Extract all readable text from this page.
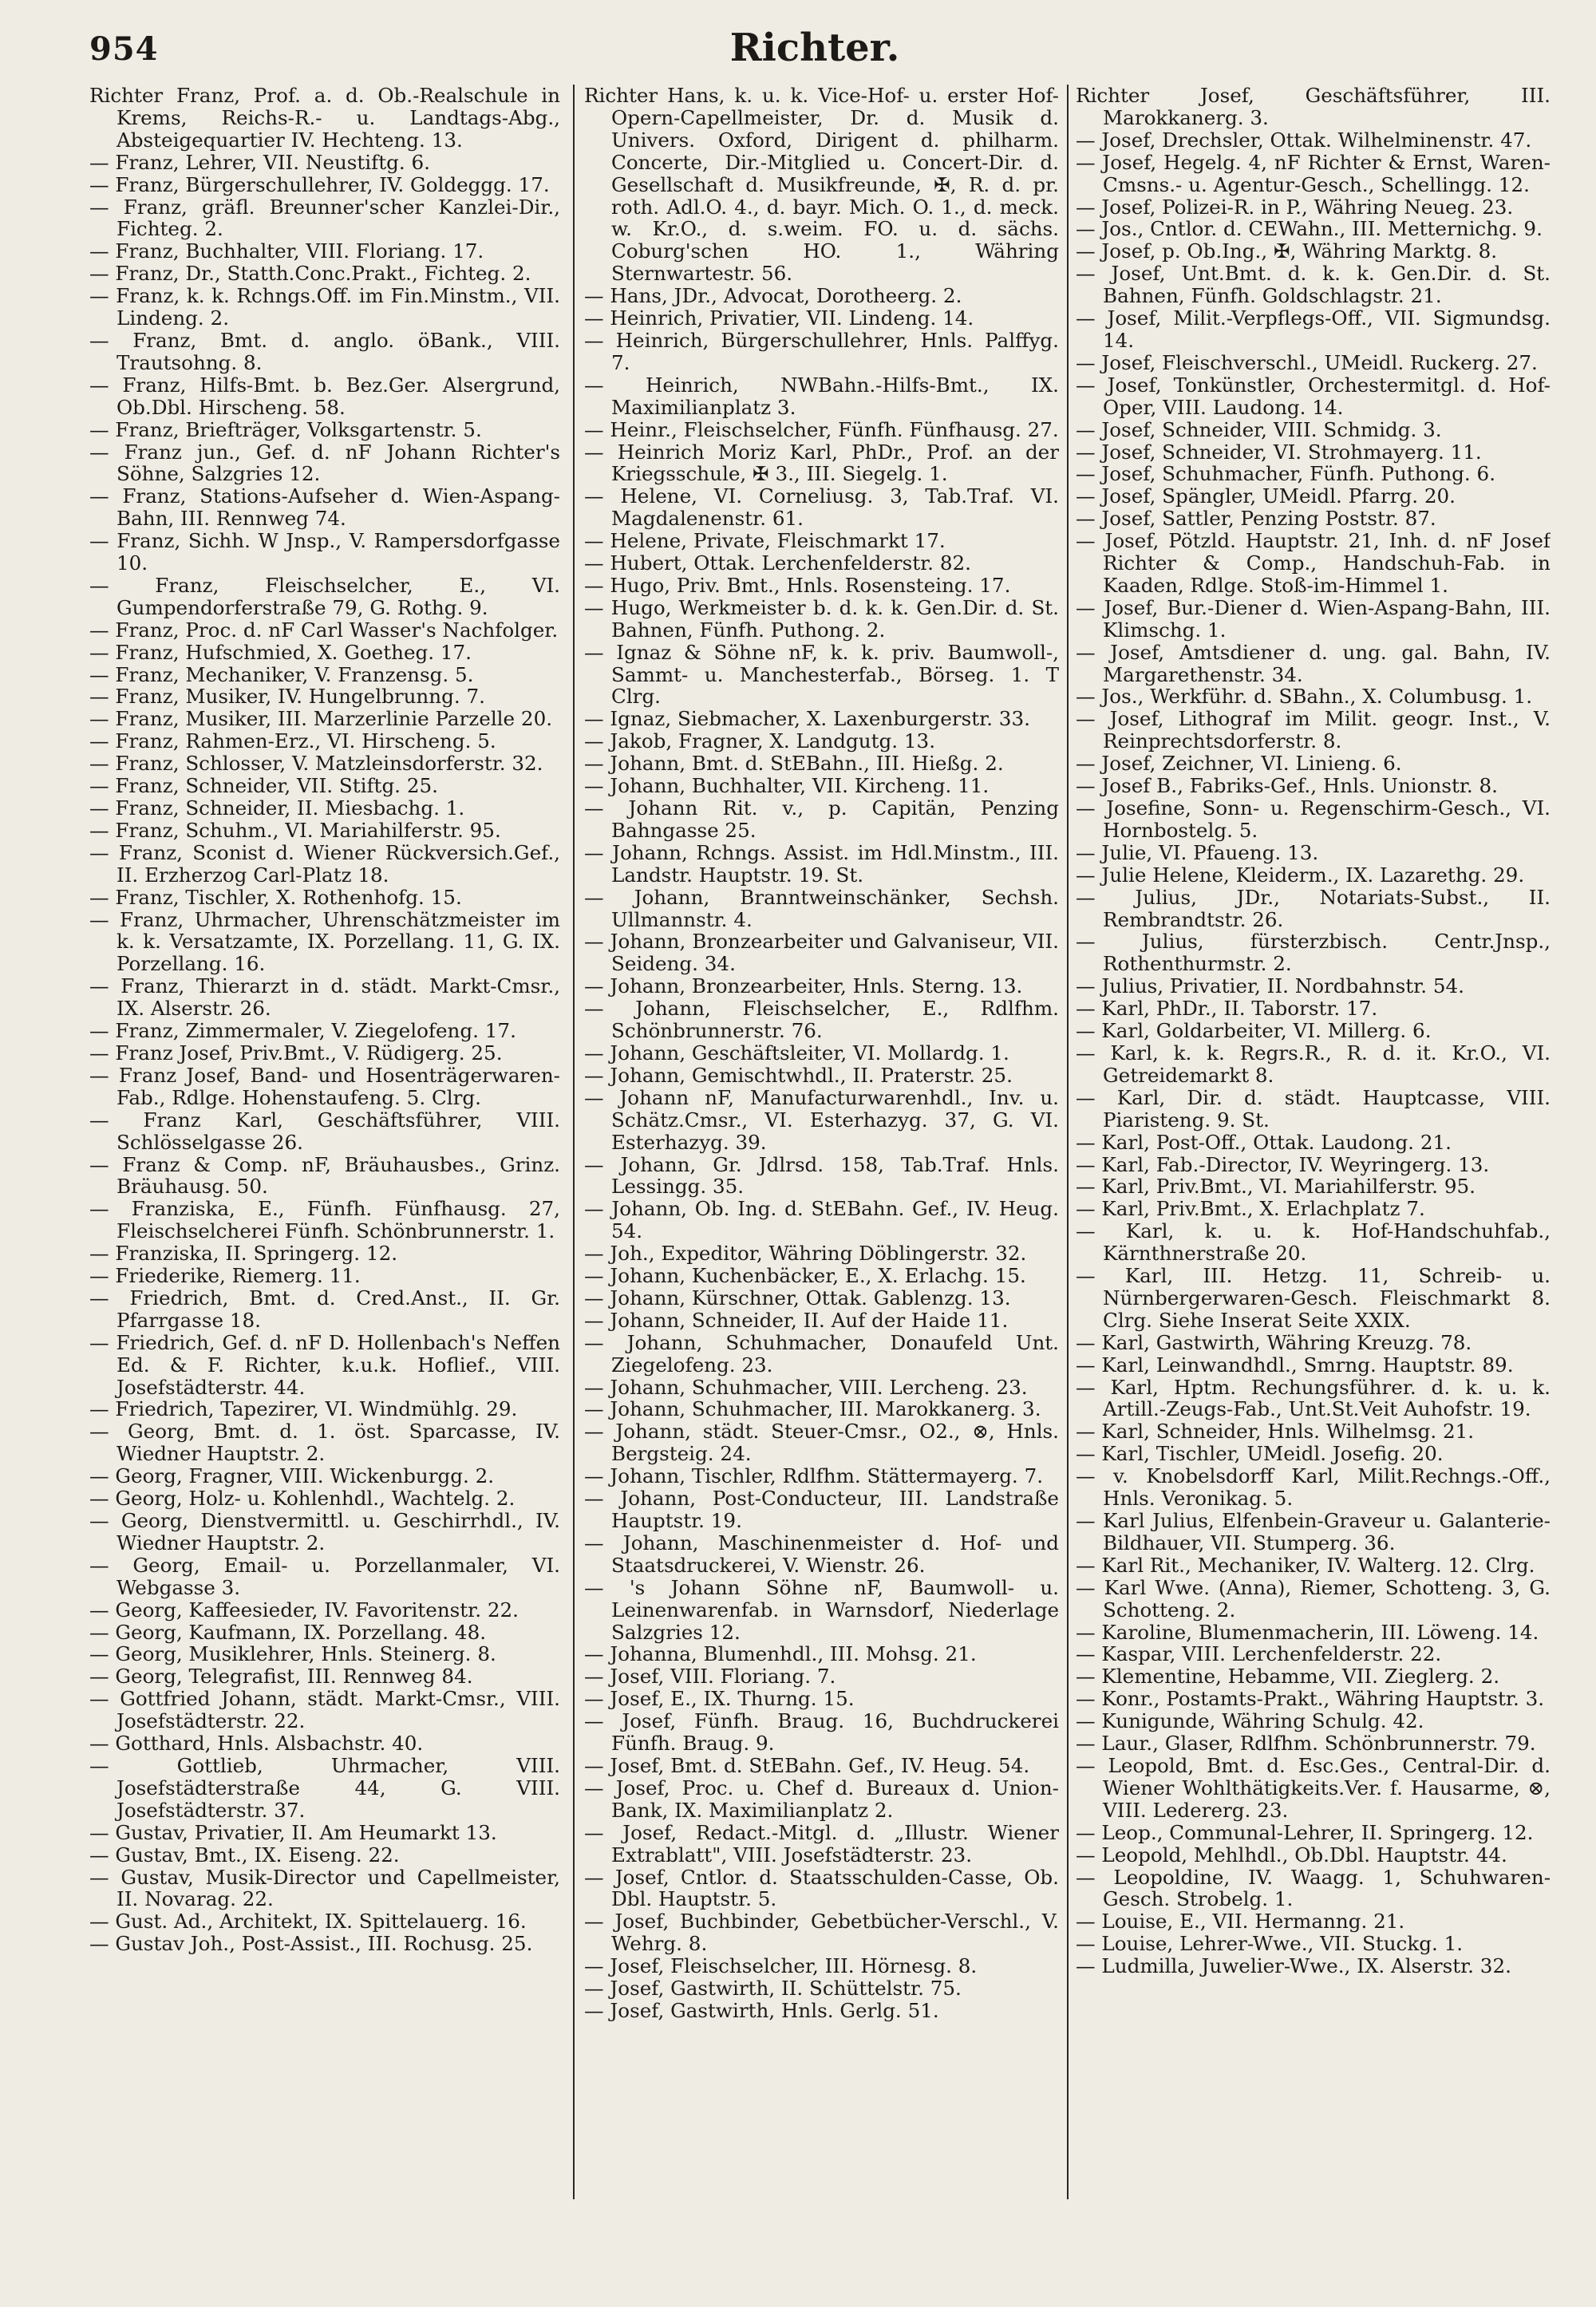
954	Richter.

Richter Franz, Prof. a. d. Ob.-Realschule in Krems, Reichs-R.- u. Landtags-Abg., Absteigequartier IV. Hechteng. 13.

— Franz, Lehrer, VII. Neustiftg. 6.

— Franz, Bürgerschullehrer, IV. Goldeggg. 17.

— Franz, gräfl. Breunner'scher Kanzlei-Dir., Fichteg. 2.

— Franz, Buchhalter, VIII. Floriang. 17.

— Franz, Dr., Statth.Conc.Prakt., Fichteg. 2.

— Franz, k. k. Rchngs.Off. im Fin.Minstm., VII. Lindeng. 2.

— Franz, Bmt. d. anglo. öBank., VIII. Trautsohng. 8.

— Franz, Hilfs-Bmt. b. Bez.Ger. Alsergrund, Ob.Dbl. Hirscheng. 58.

— Franz, Briefträger, Volksgartenstr. 5.

— Franz jun., Gef. d. nF Johann Richter's Söhne, Salzgries 12.

— Franz, Stations-Aufseher d. Wien-Aspang-Bahn, III. Rennweg 74.

— Franz, Sichh. W Jnsp., V. Rampersdorfgasse 10.

— Franz, Fleischselcher, E., VI. Gumpendorferstraße 79, G. Rothg. 9.

— Franz, Proc. d. nF Carl Wasser's Nachfolger.

— Franz, Hufschmied, X. Goetheg. 17.

— Franz, Mechaniker, V. Franzensg. 5.

— Franz, Musiker, IV. Hungelbrunng. 7.

— Franz, Musiker, III. Marzerlinie Parzelle 20.

— Franz, Rahmen-Erz., VI. Hirscheng. 5.

— Franz, Schlosser, V. Matzleinsdorferstr. 32.

— Franz, Schneider, VII. Stiftg. 25.

— Franz, Schneider, II. Miesbachg. 1.

— Franz, Schuhm., VI. Mariahilferstr. 95.

— Franz, Sconist d. Wiener Rückversich.Gef., II. Erzherzog Carl-Platz 18.

— Franz, Tischler, X. Rothenhofg. 15.

— Franz, Uhrmacher, Uhrenschätzmeister im k. k. Versatzamte, IX. Porzellang. 11, G. IX. Porzellang. 16.

— Franz, Thierarzt in d. städt. Markt-Cmsr., IX. Alserstr. 26.

— Franz, Zimmermaler, V. Ziegelofeng. 17.

— Franz Josef, Priv.Bmt., V. Rüdigerg. 25.

— Franz Josef, Band- und Hosenträgerwaren-Fab., Rdlge. Hohenstaufeng. 5. Clrg.

— Franz Karl, Geschäftsführer, VIII. Schlösselgasse 26.

— Franz & Comp. nF, Bräuhausbes., Grinz. Bräuhausg. 50.

— Franziska, E., Fünfh. Fünfhausg. 27, Fleischselcherei Fünfh. Schönbrunnerstr. 1.

— Franziska, II. Springerg. 12.

— Friederike, Riemerg. 11.

— Friedrich, Bmt. d. Cred.Anst., II. Gr. Pfarrgasse 18.

— Friedrich, Gef. d. nF D. Hollenbach's Neffen Ed. & F. Richter, k.u.k. Hoflief., VIII. Josefstädterstr. 44.

— Friedrich, Tapezirer, VI. Windmühlg. 29.

— Georg, Bmt. d. 1. öst. Sparcasse, IV. Wiedner Hauptstr. 2.

— Georg, Fragner, VIII. Wickenburgg. 2.

— Georg, Holz- u. Kohlenhdl., Wachtelg. 2.

— Georg, Dienstvermittl. u. Geschirrhdl., IV. Wiedner Hauptstr. 2.

— Georg, Email- u. Porzellanmaler, VI. Webgasse 3.

— Georg, Kaffeesieder, IV. Favoritenstr. 22.

— Georg, Kaufmann, IX. Porzellang. 48.

— Georg, Musiklehrer, Hnls. Steinerg. 8.

— Georg, Telegrafist, III. Rennweg 84.

— Gottfried Johann, städt. Markt-Cmsr., VIII. Josefstädterstr. 22.

— Gotthard, Hnls. Alsbachstr. 40.

— Gottlieb, Uhrmacher, VIII. Josefstädterstraße 44, G. VIII. Josefstädterstr. 37.

— Gustav, Privatier, II. Am Heumarkt 13.

— Gustav, Bmt., IX. Eiseng. 22.

— Gustav, Musik-Director und Capellmeister, II. Novarag. 22.

— Gust. Ad., Architekt, IX. Spittelauerg. 16.

— Gustav Joh., Post-Assist., III. Rochusg. 25.

Richter Hans, k. u. k. Vice-Hof- u. erster Hof-Opern-Capellmeister, Dr. d. Musik d. Univers. Oxford, Dirigent d. philharm. Concerte, Dir.-Mitglied u. Concert-Dir. d. Gesellschaft d. Musikfreunde, ✠, R. d. pr. roth. Adl.O. 4., d. bayr. Mich. O. 1., d. meck. w. Kr.O., d. s.weim. FO. u. d. sächs. Coburg'schen HO. 1., Währing Sternwartestr. 56.

— Hans, JDr., Advocat, Dorotheerg. 2.

— Heinrich, Privatier, VII. Lindeng. 14.

— Heinrich, Bürgerschullehrer, Hnls. Palffyg. 7.

— Heinrich, NWBahn.-Hilfs-Bmt., IX. Maximilianplatz 3.

— Heinr., Fleischselcher, Fünfh. Fünfhausg. 27.

— Heinrich Moriz Karl, PhDr., Prof. an der Kriegsschule, ✠ 3., III. Siegelg. 1.

— Helene, VI. Corneliusg. 3, Tab.Traf. VI. Magdalenenstr. 61.

— Helene, Private, Fleischmarkt 17.

— Hubert, Ottak. Lerchenfelderstr. 82.

— Hugo, Priv. Bmt., Hnls. Rosensteing. 17.

— Hugo, Werkmeister b. d. k. k. Gen.Dir. d. St. Bahnen, Fünfh. Puthong. 2.

— Ignaz & Söhne nF, k. k. priv. Baumwoll-, Sammt- u. Manchesterfab., Börseg. 1. T Clrg.

— Ignaz, Siebmacher, X. Laxenburgerstr. 33.

— Jakob, Fragner, X. Landgutg. 13.

— Johann, Bmt. d. StEBahn., III. Hießg. 2.

— Johann, Buchhalter, VII. Kircheng. 11.

— Johann Rit. v., p. Capitän, Penzing Bahngasse 25.

— Johann, Rchngs. Assist. im Hdl.Minstm., III. Landstr. Hauptstr. 19. St.

— Johann, Branntweinschänker, Sechsh. Ullmannstr. 4.

— Johann, Bronzearbeiter und Galvaniseur, VII. Seideng. 34.

— Johann, Bronzearbeiter, Hnls. Sterng. 13.

— Johann, Fleischselcher, E., Rdlfhm. Schönbrunnerstr. 76.

— Johann, Geschäftsleiter, VI. Mollardg. 1.

— Johann, Gemischtwhdl., II. Praterstr. 25.

— Johann nF, Manufacturwarenhdl., Inv. u. Schätz.Cmsr., VI. Esterhazyg. 37, G. VI. Esterhazyg. 39.

— Johann, Gr. Jdlrsd. 158, Tab.Traf. Hnls. Lessingg. 35.

— Johann, Ob. Ing. d. StEBahn. Gef., IV. Heug. 54.

— Joh., Expeditor, Währing Döblingerstr. 32.

— Johann, Kuchenbäcker, E., X. Erlachg. 15.

— Johann, Kürschner, Ottak. Gablenzg. 13.

— Johann, Schneider, II. Auf der Haide 11.

— Johann, Schuhmacher, Donaufeld Unt. Ziegelofeng. 23.

— Johann, Schuhmacher, VIII. Lercheng. 23.

— Johann, Schuhmacher, III. Marokkanerg. 3.

— Johann, städt. Steuer-Cmsr., O2., ⊗, Hnls. Bergsteig. 24.

— Johann, Tischler, Rdlfhm. Stättermayerg. 7.

— Johann, Post-Conducteur, III. Landstraße Hauptstr. 19.

— Johann, Maschinenmeister d. Hof- und Staatsdruckerei, V. Wienstr. 26.

— 's Johann Söhne nF, Baumwoll- u. Leinenwarenfab. in Warnsdorf, Niederlage Salzgries 12.

— Johanna, Blumenhdl., III. Mohsg. 21.

— Josef, VIII. Floriang. 7.

— Josef, E., IX. Thurng. 15.

— Josef, Fünfh. Braug. 16, Buchdruckerei Fünfh. Braug. 9.

— Josef, Bmt. d. StEBahn. Gef., IV. Heug. 54.

— Josef, Proc. u. Chef d. Bureaux d. Union-Bank, IX. Maximilianplatz 2.

— Josef, Redact.-Mitgl. d. „Illustr. Wiener Extrablatt", VIII. Josefstädterstr. 23.

— Josef, Cntlor. d. Staatsschulden-Casse, Ob. Dbl. Hauptstr. 5.

— Josef, Buchbinder, Gebetbücher-Verschl., V. Wehrg. 8.

— Josef, Fleischselcher, III. Hörnesg. 8.

— Josef, Gastwirth, II. Schüttelstr. 75.

— Josef, Gastwirth, Hnls. Gerlg. 51.

Richter Josef, Geschäftsführer, III. Marokkanerg. 3.

— Josef, Drechsler, Ottak. Wilhelminenstr. 47.

— Josef, Hegelg. 4, nF Richter & Ernst, Waren-Cmsns.- u. Agentur-Gesch., Schellingg. 12.

— Josef, Polizei-R. in P., Währing Neueg. 23.

— Jos., Cntlor. d. CEWahn., III. Metternichg. 9.

— Josef, p. Ob.Ing., ✠, Währing Marktg. 8.

— Josef, Unt.Bmt. d. k. k. Gen.Dir. d. St. Bahnen, Fünfh. Goldschlagstr. 21.

— Josef, Milit.-Verpflegs-Off., VII. Sigmundsg. 14.

— Josef, Fleischverschl., UMeidl. Ruckerg. 27.

— Josef, Tonkünstler, Orchestermitgl. d. Hof-Oper, VIII. Laudong. 14.

— Josef, Schneider, VIII. Schmidg. 3.

— Josef, Schneider, VI. Strohmayerg. 11.

— Josef, Schuhmacher, Fünfh. Puthong. 6.

— Josef, Spängler, UMeidl. Pfarrg. 20.

— Josef, Sattler, Penzing Poststr. 87.

— Josef, Pötzld. Hauptstr. 21, Inh. d. nF Josef Richter & Comp., Handschuh-Fab. in Kaaden, Rdlge. Stoß-im-Himmel 1.

— Josef, Bur.-Diener d. Wien-Aspang-Bahn, III. Klimschg. 1.

— Josef, Amtsdiener d. ung. gal. Bahn, IV. Margarethenstr. 34.

— Jos., Werkführ. d. SBahn., X. Columbusg. 1.

— Josef, Lithograf im Milit. geogr. Inst., V. Reinprechtsdorferstr. 8.

— Josef, Zeichner, VI. Linieng. 6.

— Josef B., Fabriks-Gef., Hnls. Unionstr. 8.

— Josefine, Sonn- u. Regenschirm-Gesch., VI. Hornbostelg. 5.

— Julie, VI. Pfaueng. 13.

— Julie Helene, Kleiderm., IX. Lazarethg. 29.

— Julius, JDr., Notariats-Subst., II. Rembrandtstr. 26.

— Julius, fürsterzbisch. Centr.Jnsp., Rothenthurmstr. 2.

— Julius, Privatier, II. Nordbahnstr. 54.

— Karl, PhDr., II. Taborstr. 17.

— Karl, Goldarbeiter, VI. Millerg. 6.

— Karl, k. k. Regrs.R., R. d. it. Kr.O., VI. Getreidemarkt 8.

— Karl, Dir. d. städt. Hauptcasse, VIII. Piaristeng. 9. St.

— Karl, Post-Off., Ottak. Laudong. 21.

— Karl, Fab.-Director, IV. Weyringerg. 13.

— Karl, Priv.Bmt., VI. Mariahilferstr. 95.

— Karl, Priv.Bmt., X. Erlachplatz 7.

— Karl, k. u. k. Hof-Handschuhfab., Kärnthnerstraße 20.

— Karl, III. Hetzg. 11, Schreib- u. Nürnbergerwaren-Gesch. Fleischmarkt 8. Clrg. Siehe Inserat Seite XXIX.

— Karl, Gastwirth, Währing Kreuzg. 78.

— Karl, Leinwandhdl., Smrng. Hauptstr. 89.

— Karl, Hptm. Rechungsführer. d. k. u. k. Artill.-Zeugs-Fab., Unt.St.Veit Auhofstr. 19.

— Karl, Schneider, Hnls. Wilhelmsg. 21.

— Karl, Tischler, UMeidl. Josefig. 20.

— v. Knobelsdorff Karl, Milit.Rechngs.-Off., Hnls. Veronikag. 5.

— Karl Julius, Elfenbein-Graveur u. Galanterie-Bildhauer, VII. Stumperg. 36.

— Karl Rit., Mechaniker, IV. Walterg. 12. Clrg.

— Karl Wwe. (Anna), Riemer, Schotteng. 3, G. Schotteng. 2.

— Karoline, Blumenmacherin, III. Löweng. 14.

— Kaspar, VIII. Lerchenfelderstr. 22.

— Klementine, Hebamme, VII. Zieglerg. 2.

— Konr., Postamts-Prakt., Währing Hauptstr. 3.

— Kunigunde, Währing Schulg. 42.

— Laur., Glaser, Rdlfhm. Schönbrunnerstr. 79.

— Leopold, Bmt. d. Esc.Ges., Central-Dir. d. Wiener Wohlthätigkeits.Ver. f. Hausarme, ⊗, VIII. Ledererg. 23.

— Leop., Communal-Lehrer, II. Springerg. 12.

— Leopold, Mehlhdl., Ob.Dbl. Hauptstr. 44.

— Leopoldine, IV. Waagg. 1, Schuhwaren-Gesch. Strobelg. 1.

— Louise, E., VII. Hermanng. 21.

— Louise, Lehrer-Wwe., VII. Stuckg. 1.

— Ludmilla, Juwelier-Wwe., IX. Alserstr. 32.
